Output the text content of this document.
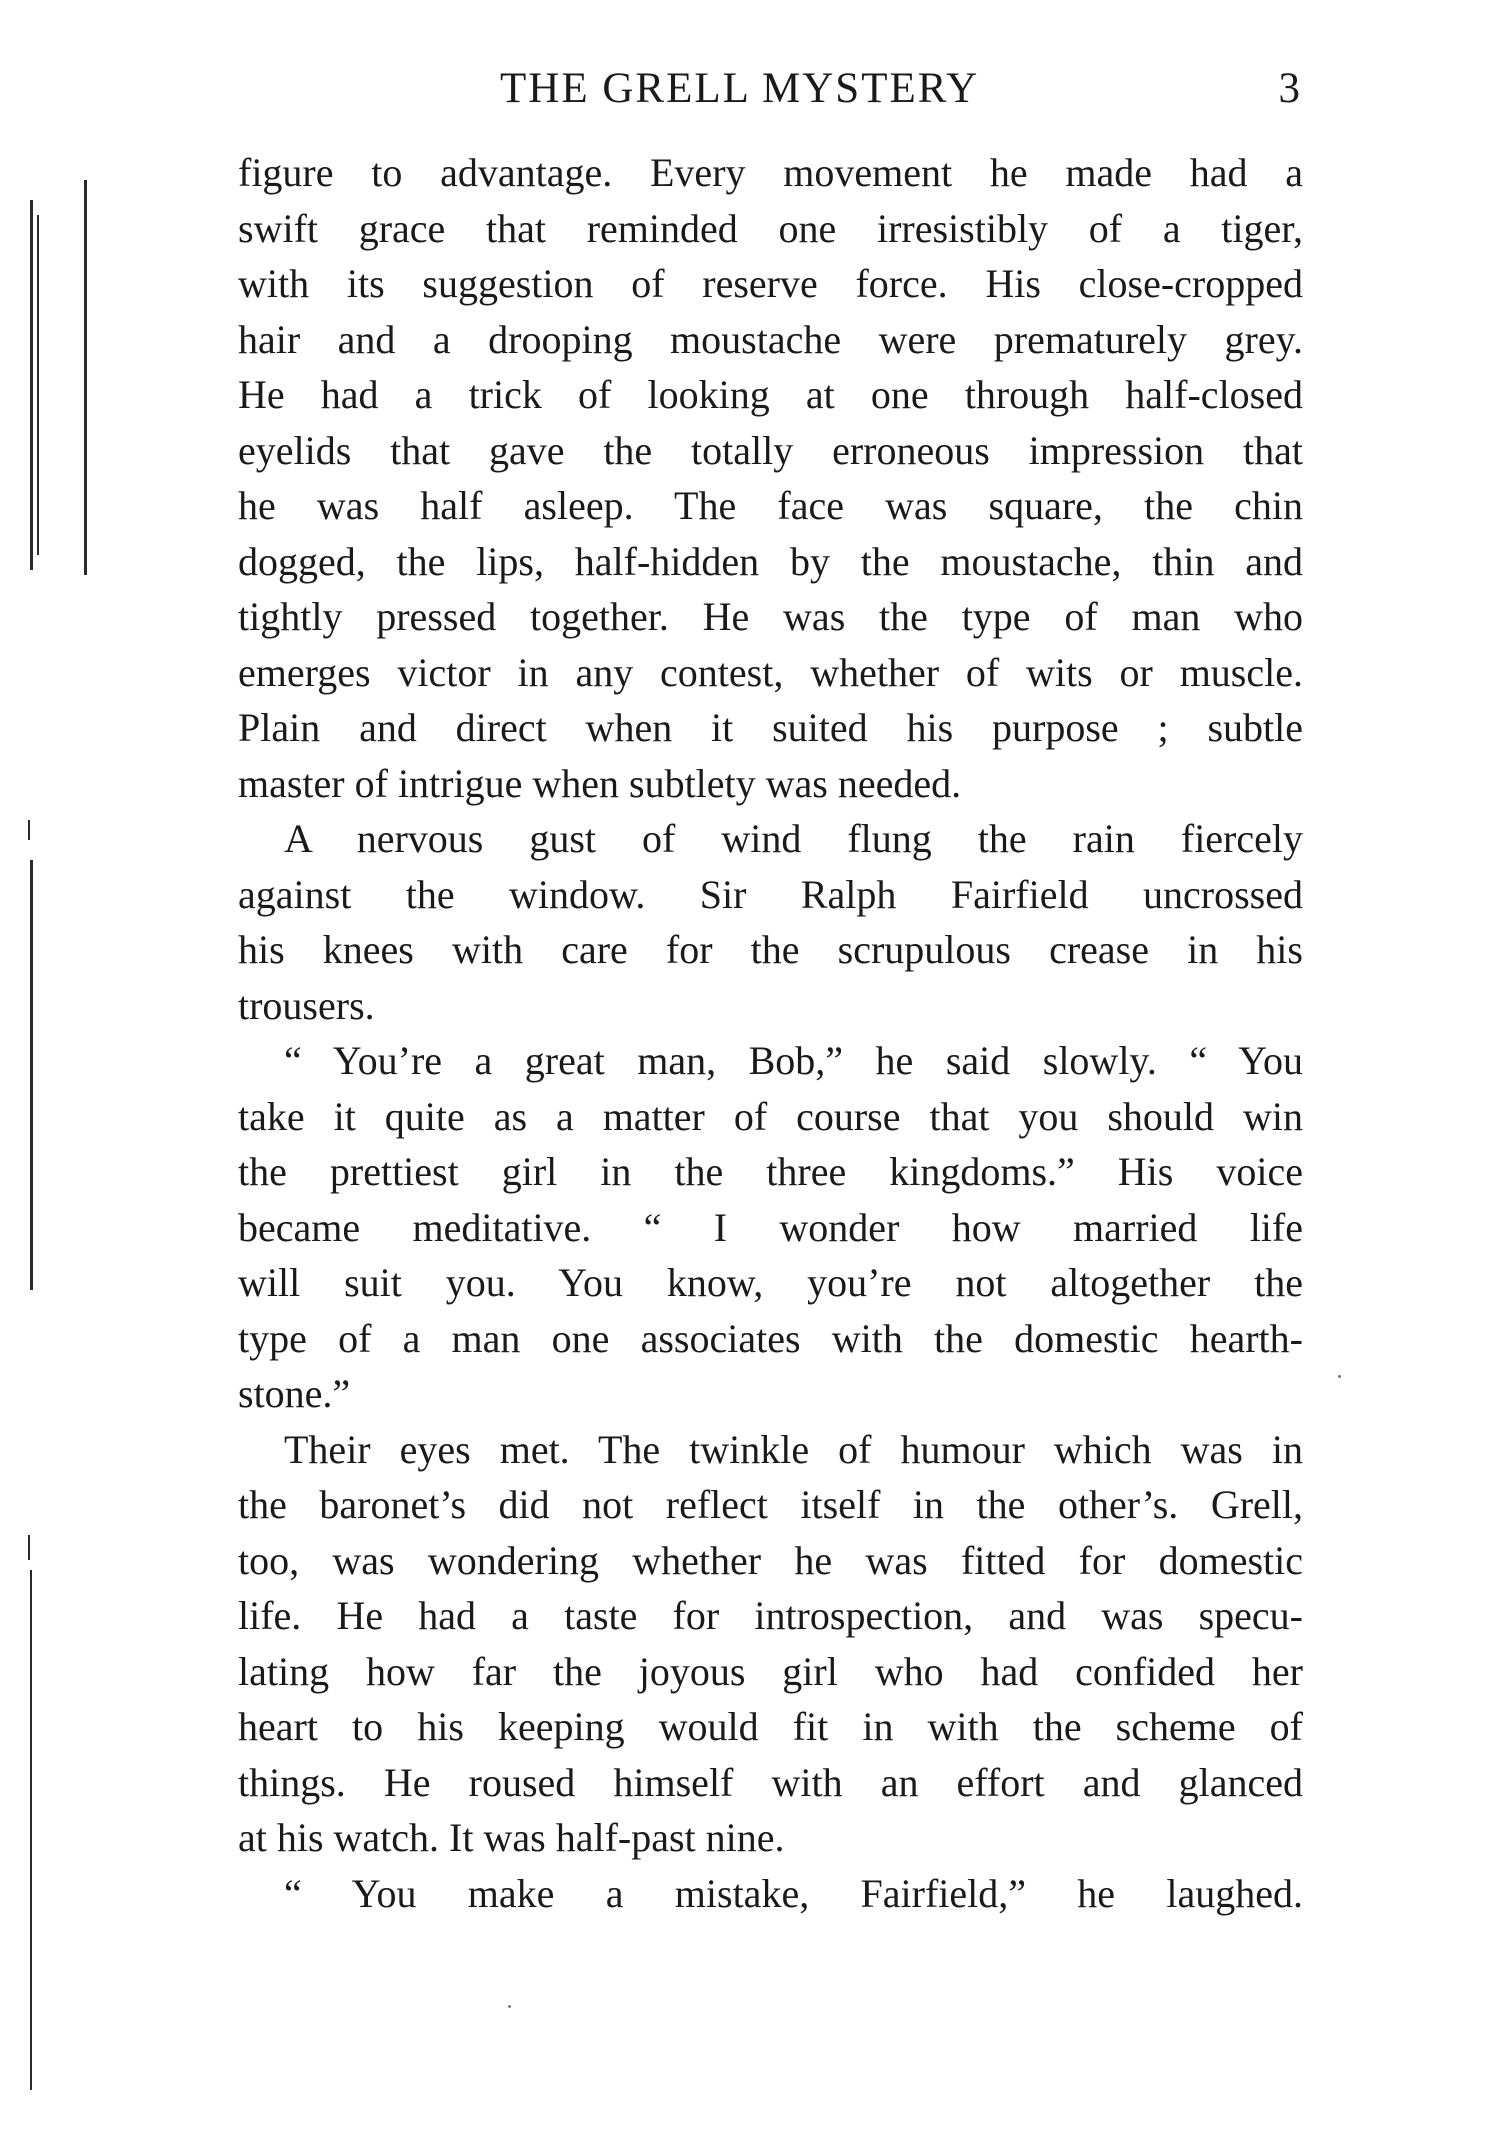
THE GRELL MYSTERY	3
figure to advantage. Every movement he made had a
swift grace that reminded one irresistibly of a tiger,
with its suggestion of reserve force. His close-cropped
hair and a drooping moustache were prematurely grey.
He had a trick of looking at one through half-closed
eyelids that gave the totally erroneous impression that
he was half asleep. The face was square, the chin
dogged, the lips, half-hidden by the moustache, thin and
tightly pressed together. He was the type of man who
emerges victor in any contest, whether of wits or muscle.
Plain and direct when it suited his purpose ; subtle
master of intrigue when subtlety was needed.
A nervous gust of wind flung the rain fiercely
against the window. Sir Ralph Fairfield uncrossed
his knees with care for the scrupulous crease in his
trousers.
“ You’re a great man, Bob,” he said slowly. “ You
take it quite as a matter of course that you should win
the prettiest girl in the three kingdoms.” His voice
became meditative. “ I wonder how married life
will suit you. You know, you’re not altogether the
type of a man one associates with the domestic hearth-
stone.”
Their eyes met. The twinkle of humour which was in
the baronet’s did not reflect itself in the other’s. Grell,
too, was wondering whether he was fitted for domestic
life. He had a taste for introspection, and was specu-
lating how far the joyous girl who had confided her
heart to his keeping would fit in with the scheme of
things. He roused himself with an effort and glanced
at his watch. It was half-past nine.
“ You make a mistake, Fairfield,” he laughed.
